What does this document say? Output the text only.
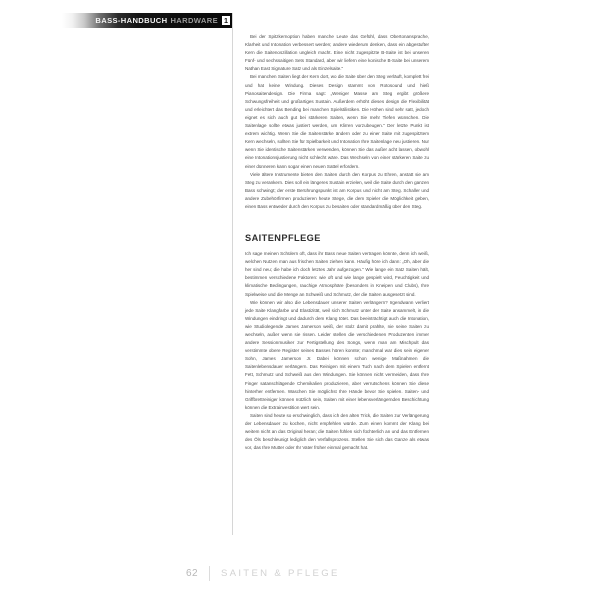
BASS-HANDBUCH HARDWARE 1

Bei der Spitzkernoption haben manche Leute das Gefühl, dass Obertonansprache, Klarheit und Intonation verbessert werden; andere wiederum denken, dass ein abgestufter Kern die Saitenoszillation ungleich macht. Eine nicht zugespitzte B-Saite ist bei unseren Fünf- und sechssaitigen Sets Standard, aber wir liefern eine konische B-Saite bei unserem Nathan East Signature Satz und als Einzelsaite."

Bei manchen Saiten liegt der Kern dort, wo die Saite über den Steg verläuft, komplett frei und hat keine Windung. Dieses Design stammt von Rotosound und hieß Pianosaitendesign. Die Firma sagt: „Weniger Masse am Steg ergibt größere Schwungsfreiheit und großartiges Sustain. Außerdem erhöht dieses design die Flexibilität und erleichtert das Bending bei manchen Spielstilistiken. Die Höhen sind sehr satt, jedoch eignet es sich auch gut bei stärkeren Saiten, wenn Sie mehr Tiefen wünschen. Die Saitenlage sollte etwas justiert werden, um Klirren vorzubeugen." Der letzte Punkt ist extrem wichtig. Wenn Sie die Saitenstärke ändern oder zu einer Saite mit zugespitztem Kern wechseln, sollten Sie für Spielbarkeit und Intonation Ihre Saitenlage neu justieren. Nur wenn Sie identische Saitenstärken verwenden, können Sie das außer acht lassen, obwohl eine Intonationsjustierung nicht schlecht wäre. Das Wechseln von einer stärkeren Saite zu einer dünneren kann sogar einen neuen Sattel erfordern.

Viele ältere Instrumente bieten den Saiten durch den Korpus zu Ehren, anstatt sie am Steg zu verankern. Dies soll ein längeres Sustain erzielen, weil die Saite durch den ganzen Bass schwingt; der erste Berührungspunkt ist am Korpus und nicht am Steg. Schaller und andere Zubehörfirmen produzieren heute Stege, die dem Spieler die Möglichkeit geben, einen Bass entweder durch den Korpus zu besaiten oder standardmäßig über den Steg.

SAITENPFLEGE

Ich sage meinen Schülern oft, dass ihr Bass neue Saiten vertragen könnte, denn ich weiß, welchen Nutzen man aus frischen Saiten ziehen kann. Häufig höre ich dann: „Oh, aber die her sind neu; die habe ich doch letztes Jahr aufgezogen." Wie lange ein Satz Saiten hält, bestimmen verschiedene Faktoren: wie oft und wie lange gespielt wird, Feuchtigkeit und klimatische Bedingungen, rauchige Atmosphäre (besonders in Kneipen und Clubs), Ihre Spielweise und die Menge an Schweiß und Schmutz, der die Saiten ausgesetzt sind.

Wie können wir also die Lebensdauer unserer Saiten verlängern? Irgendwann verliert jede Saite Klangfarbe und Elastizität, weil sich Schmutz unter der Saite ansammelt, in die Windungen eindringt und dadurch dem Klang tötet. Das beeinträchtigt auch die Intonation, wie Studiolegende James Jamerson weiß, der stolz damit prahlte, nie seine Saiten zu wechseln, außer wenn sie rissen. Leider stellen die verschiedenen Produzenten immer andere Sessionmusiker zur Fertigstellung des Songs, wenn man am Mischpult das verstimmte obere Register seines Basses hören konnte; manchmal war dies sein eigener Sohn, James Jamerson Jr. Dabei können schon wenige Maßnahmen die Saitenlebensdauer verlängern. Das Reinigen mit einem Tuch nach dem Spielen entfernt Fett, Schmutz und Schweiß aus den Windungen. Sie können nicht vermeiden, dass Ihre Finger satanschlägende Chemikalien produzieren, aber verrutschens können Sie diese hinterher entfernen. Waschen Sie möglichst Ihre Hände bevor Sie spielen. Saiten- und Griffbrettreiniger können nützlich sein, Saiten mit einer lebensverlängernden Beschichtung können die Extrainvestition wert sein.

Saiten sind heute so erschwinglich, dass ich den alten Trick, die Saiten zur Verlängerung der Lebensdauer zu kochen, nicht empfehlen würde. Zum einen kommt der Klang bei weitem nicht an das Original heran; die Saiten fühlen sich füchterlich an und das Entfernen des Öls beschleunigt lediglich den Verfallsprozess. Stellen Sie sich das Ganze als etwas vor, das Ihre Mutter oder Ihr Vater früher einmal gemacht hat.

62 SAITEN & PFLEGE
